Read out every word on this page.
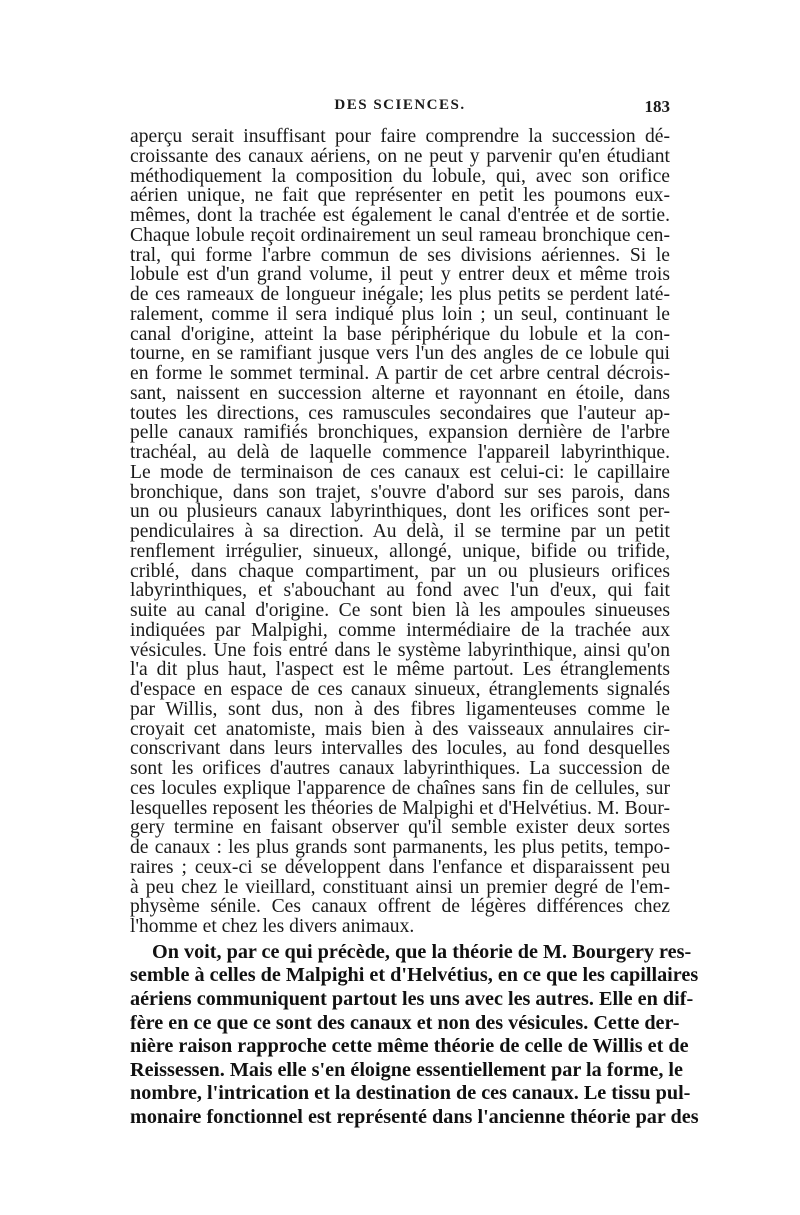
DES SCIENCES.	183
aperçu serait insuffisant pour faire comprendre la succession dé-
croissante des canaux aériens, on ne peut y parvenir qu'en étudiant
méthodiquement la composition du lobule, qui, avec son orifice
aérien unique, ne fait que représenter en petit les poumons eux-
mêmes, dont la trachée est également le canal d'entrée et de sortie.
Chaque lobule reçoit ordinairement un seul rameau bronchique cen-
tral, qui forme l'arbre commun de ses divisions aériennes. Si le
lobule est d'un grand volume, il peut y entrer deux et même trois
de ces rameaux de longueur inégale; les plus petits se perdent laté-
ralement, comme il sera indiqué plus loin ; un seul, continuant le
canal d'origine, atteint la base périphérique du lobule et la con-
tourne, en se ramifiant jusque vers l'un des angles de ce lobule qui
en forme le sommet terminal. A partir de cet arbre central décrois-
sant, naissent en succession alterne et rayonnant en étoile, dans
toutes les directions, ces ramuscules secondaires que l'auteur ap-
pelle canaux ramifiés bronchiques, expansion dernière de l'arbre
trachéal, au delà de laquelle commence l'appareil labyrinthique.
Le mode de terminaison de ces canaux est celui-ci: le capillaire
bronchique, dans son trajet, s'ouvre d'abord sur ses parois, dans
un ou plusieurs canaux labyrinthiques, dont les orifices sont per-
pendiculaires à sa direction. Au delà, il se termine par un petit
renflement irrégulier, sinueux, allongé, unique, bifide ou trifide,
criblé, dans chaque compartiment, par un ou plusieurs orifices
labyrinthiques, et s'abouchant au fond avec l'un d'eux, qui fait
suite au canal d'origine. Ce sont bien là les ampoules sinueuses
indiquées par Malpighi, comme intermédiaire de la trachée aux
vésicules. Une fois entré dans le système labyrinthique, ainsi qu'on
l'a dit plus haut, l'aspect est le même partout. Les étranglements
d'espace en espace de ces canaux sinueux, étranglements signalés
par Willis, sont dus, non à des fibres ligamenteuses comme le
croyait cet anatomiste, mais bien à des vaisseaux annulaires cir-
conscrivant dans leurs intervalles des locules, au fond desquelles
sont les orifices d'autres canaux labyrinthiques. La succession de
ces locules explique l'apparence de chaînes sans fin de cellules, sur
lesquelles reposent les théories de Malpighi et d'Helvétius. M. Bour-
gery termine en faisant observer qu'il semble exister deux sortes
de canaux : les plus grands sont parmanents, les plus petits, tempo-
raires ; ceux-ci se développent dans l'enfance et disparaissent peu
à peu chez le vieillard, constituant ainsi un premier degré de l'em-
physème sénile. Ces canaux offrent de légères différences chez
l'homme et chez les divers animaux.
On voit, par ce qui précède, que la théorie de M. Bourgery res-
semble à celles de Malpighi et d'Helvétius, en ce que les capillaires
aériens communiquent partout les uns avec les autres. Elle en dif-
fère en ce que ce sont des canaux et non des vésicules. Cette der-
nière raison rapproche cette même théorie de celle de Willis et de
Reissessen. Mais elle s'en éloigne essentiellement par la forme, le
nombre, l'intrication et la destination de ces canaux. Le tissu pul-
monaire fonctionnel est représenté dans l'ancienne théorie par des
